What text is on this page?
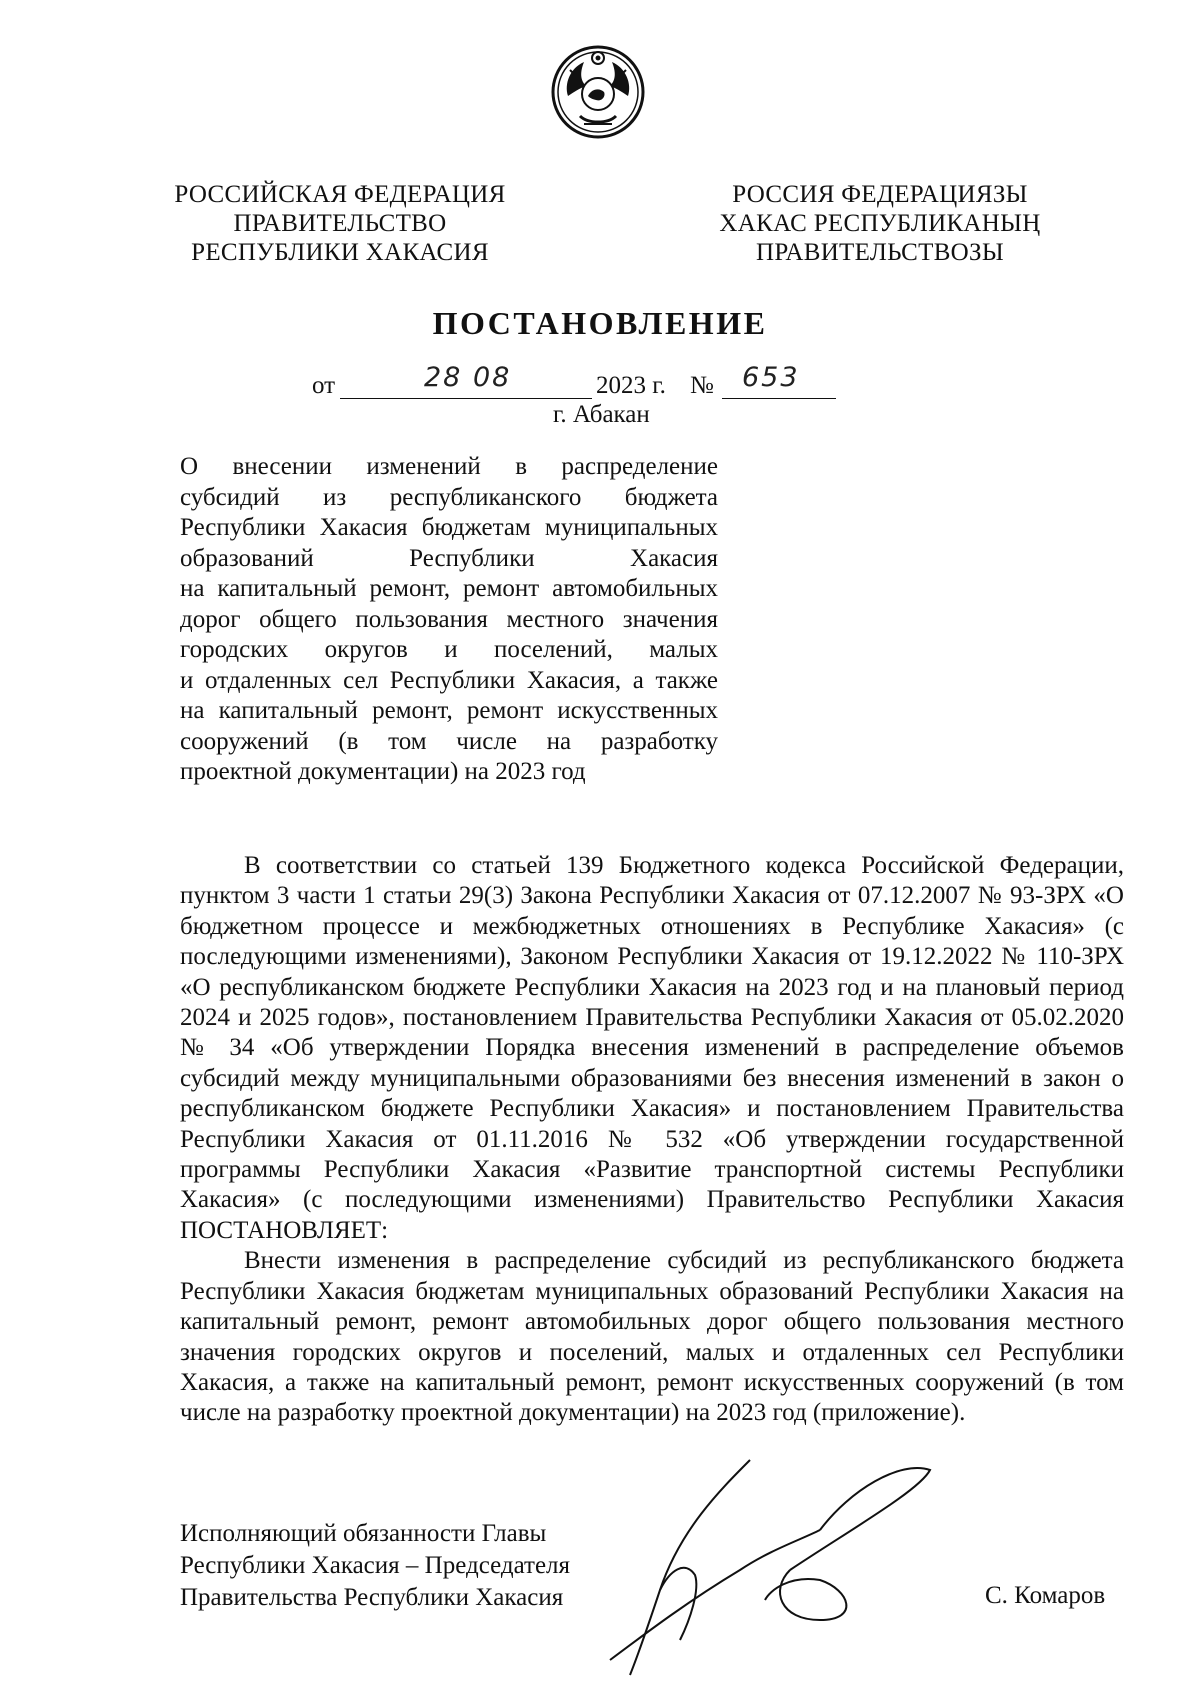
РОССИЙСКАЯ ФЕДЕРАЦИЯ
ПРАВИТЕЛЬСТВО
РЕСПУБЛИКИ ХАКАСИЯ
РОССИЯ ФЕДЕРАЦИЯЗЫ
ХАКАС РЕСПУБЛИКАНЫҢ
ПРАВИТЕЛЬСТВОЗЫ
ПОСТАНОВЛЕНИЕ
от	28 08	2023 г. № 653
г. Абакан
О внесении изменений в распределение
субсидий из республиканского бюджета
Республики Хакасия бюджетам муниципальных
образований Республики Хакасия
на капитальный ремонт, ремонт автомобильных
дорог общего пользования местного значения
городских округов и поселений, малых
и отдаленных сел Республики Хакасия, а также
на капитальный ремонт, ремонт искусственных
сооружений (в том числе на разработку
проектной документации) на 2023 год

В соответствии со статьей 139 Бюджетного кодекса Российской Федерации, пунктом 3 части 1 статьи 29(3) Закона Республики Хакасия от 07.12.2007 № 93-ЗРХ «О бюджетном процессе и межбюджетных отношениях в Республике Хакасия» (с последующими изменениями), Законом Республики Хакасия от 19.12.2022 № 110-ЗРХ «О республиканском бюджете Республики Хакасия на 2023 год и на плановый период 2024 и 2025 годов», постановлением Правительства Республики Хакасия от 05.02.2020 № 34 «Об утверждении Порядка внесения изменений в распределение объемов субсидий между муниципальными образованиями без внесения изменений в закон о республиканском бюджете Республики Хакасия» и постановлением Правительства Республики Хакасия от 01.11.2016 № 532 «Об утверждении государственной программы Республики Хакасия «Развитие транспортной системы Республики Хакасия» (с последующими изменениями) Правительство Республики Хакасия ПОСТАНОВЛЯЕТ:

Внести изменения в распределение субсидий из республиканского бюджета Республики Хакасия бюджетам муниципальных образований Республики Хакасия на капитальный ремонт, ремонт автомобильных дорог общего пользования местного значения городских округов и поселений, малых и отдаленных сел Республики Хакасия, а также на капитальный ремонт, ремонт искусственных сооружений (в том числе на разработку проектной документации) на 2023 год (приложение).

Исполняющий обязанности Главы
Республики Хакасия – Председателя
Правительства Республики Хакасия	С. Комаров
